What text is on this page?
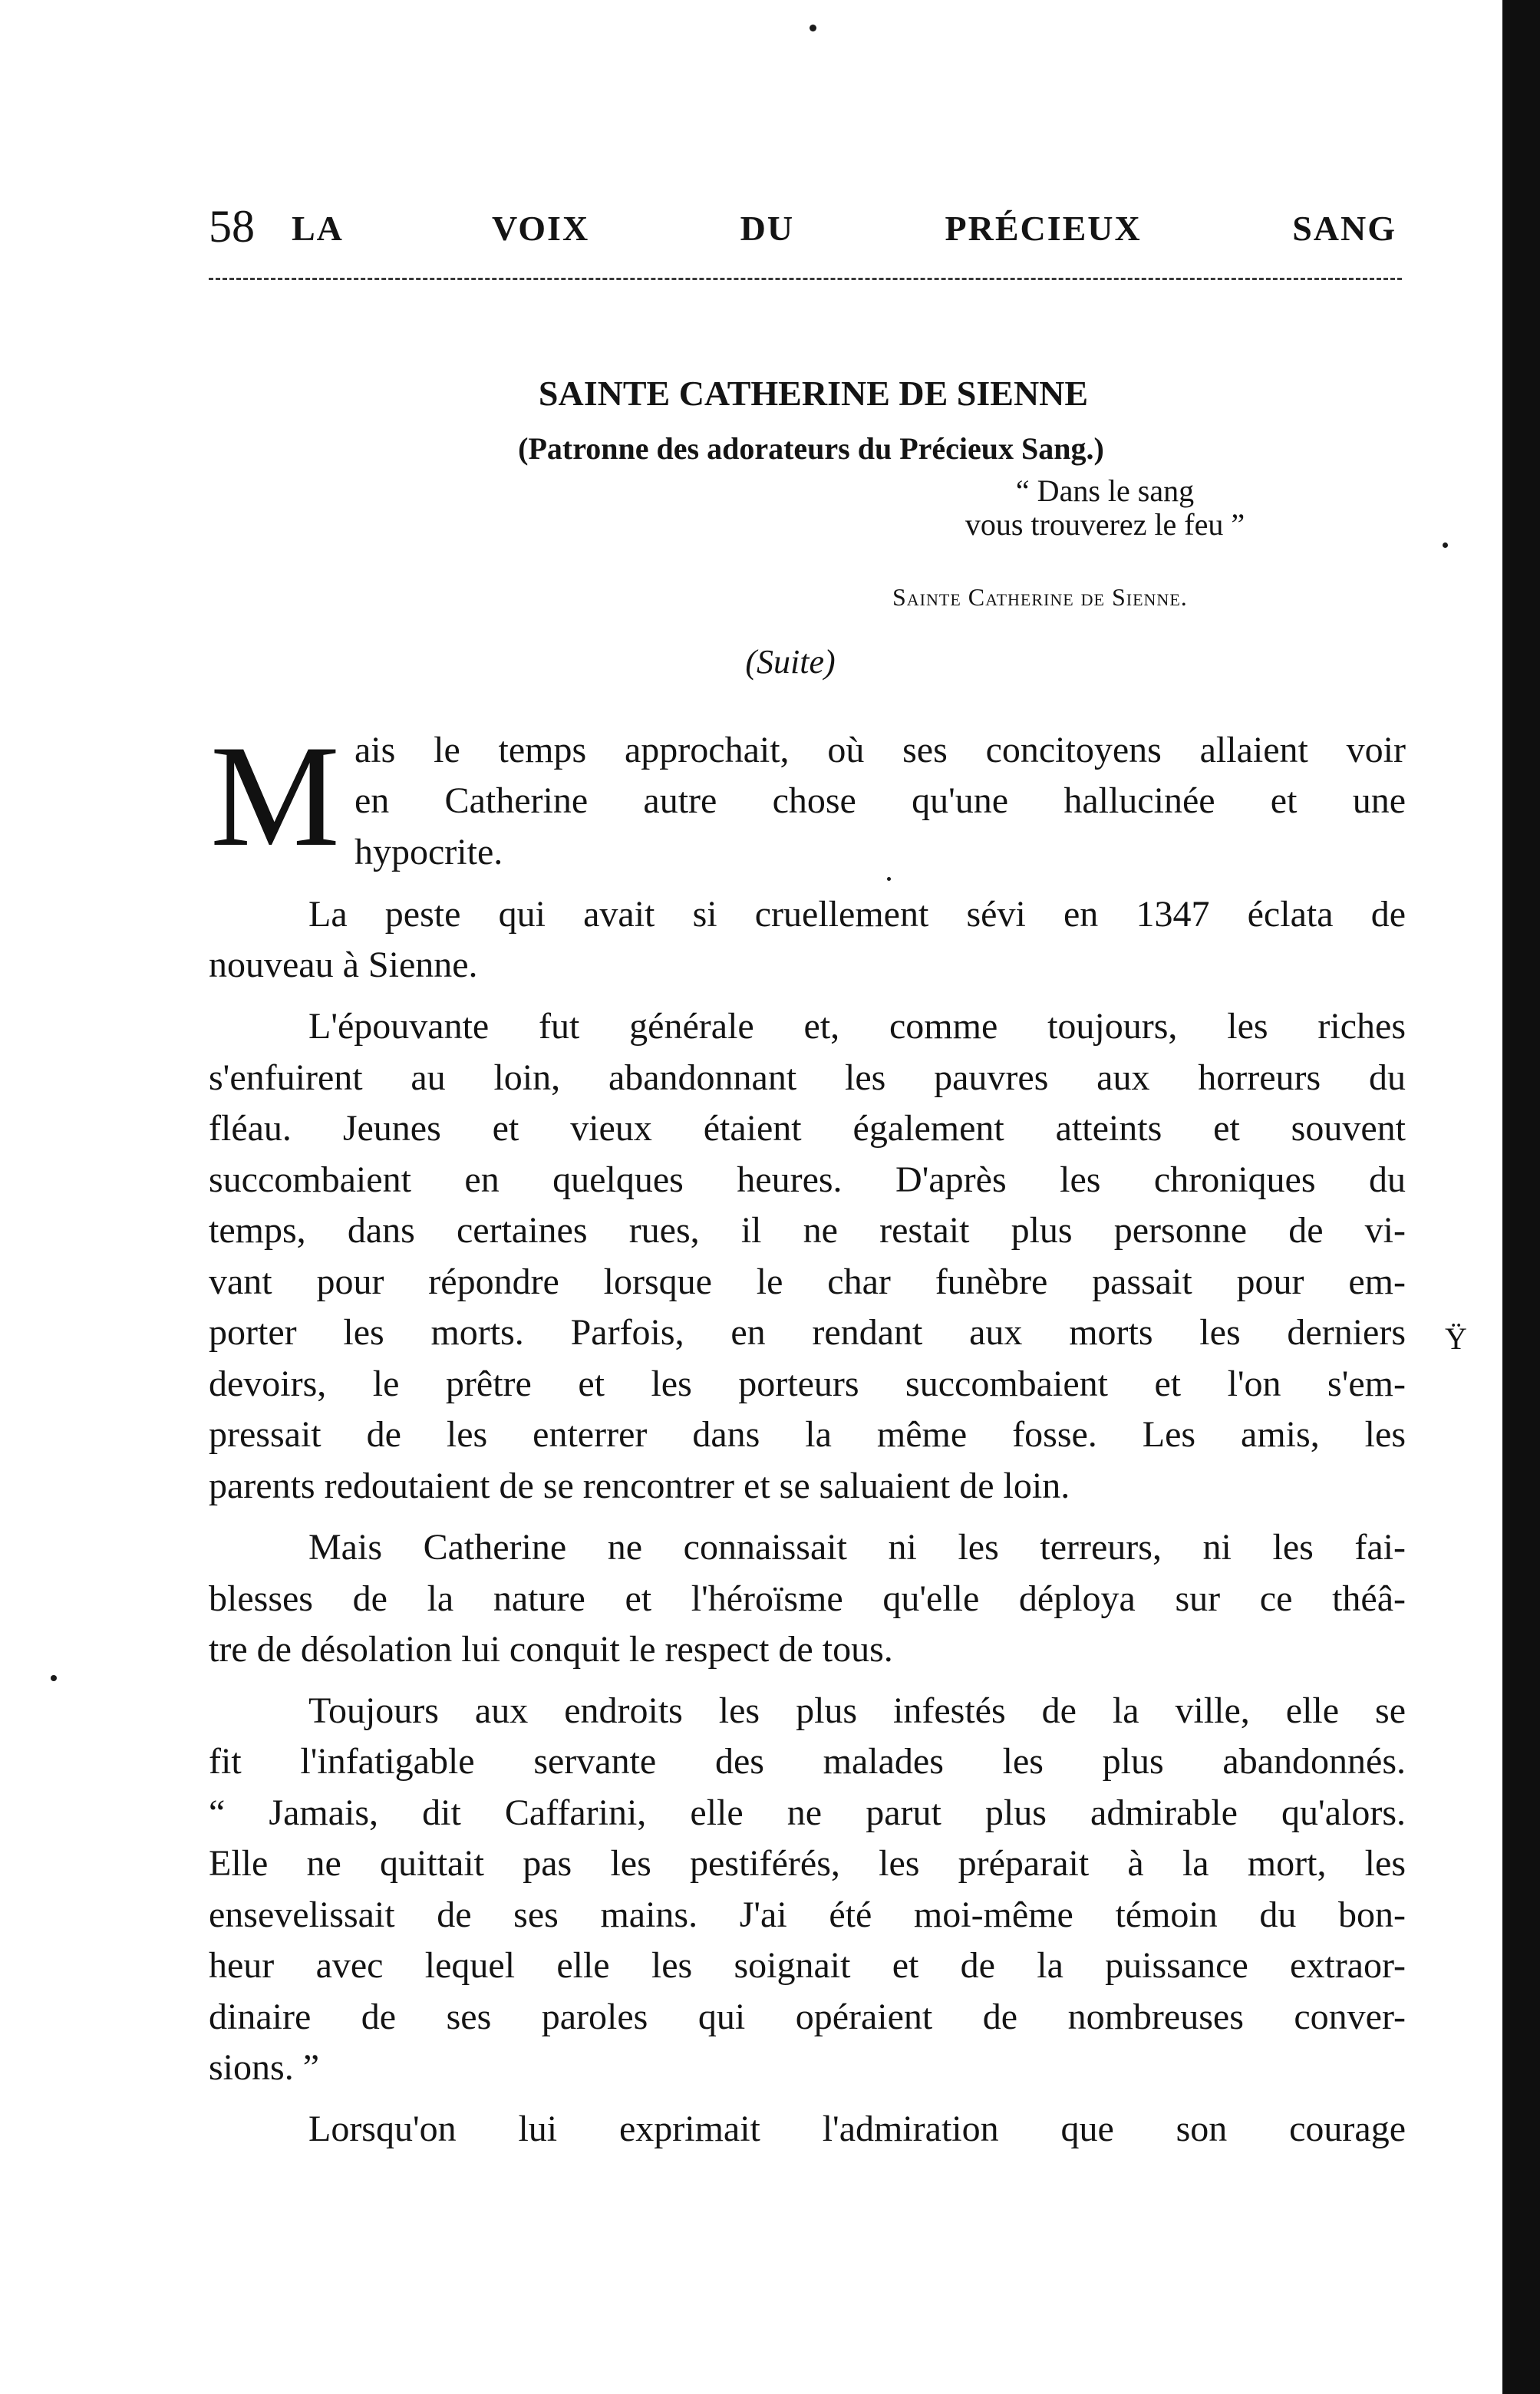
58 LA VOIX DU PRÉCIEUX SANG
SAINTE CATHERINE DE SIENNE
(Patronne des adorateurs du Précieux Sang.)
“ Dans le sang
vous trouverez le feu ”
Sainte Catherine de Sienne.
(Suite)
M ais le temps approchait, où ses concitoyens allaient voir
en Catherine autre chose qu'une hallucinée et une
hypocrite.
La peste qui avait si cruellement sévi en 1347 éclata de
nouveau à Sienne.
L'épouvante fut générale et, comme toujours, les riches
s'enfuirent au loin, abandonnant les pauvres aux horreurs du
fléau. Jeunes et vieux étaient également atteints et souvent
succombaient en quelques heures. D'après les chroniques du
temps, dans certaines rues, il ne restait plus personne de vi-
vant pour répondre lorsque le char funèbre passait pour em-
porter les morts. Parfois, en rendant aux morts les derniers
devoirs, le prêtre et les porteurs succombaient et l'on s'em-
pressait de les enterrer dans la même fosse. Les amis, les
parents redoutaient de se rencontrer et se saluaient de loin.
Mais Catherine ne connaissait ni les terreurs, ni les fai-
blesses de la nature et l'héroïsme qu'elle déploya sur ce théâ-
tre de désolation lui conquit le respect de tous.
Toujours aux endroits les plus infestés de la ville, elle se
fit l'infatigable servante des malades les plus abandonnés.
“ Jamais, dit Caffarini, elle ne parut plus admirable qu'alors.
Elle ne quittait pas les pestiférés, les préparait à la mort, les
ensevelissait de ses mains. J'ai été moi-même témoin du bon-
heur avec lequel elle les soignait et de la puissance extraor-
dinaire de ses paroles qui opéraient de nombreuses conver-
sions. ”
Lorsqu'on lui exprimait l'admiration que son courage
Ÿ
